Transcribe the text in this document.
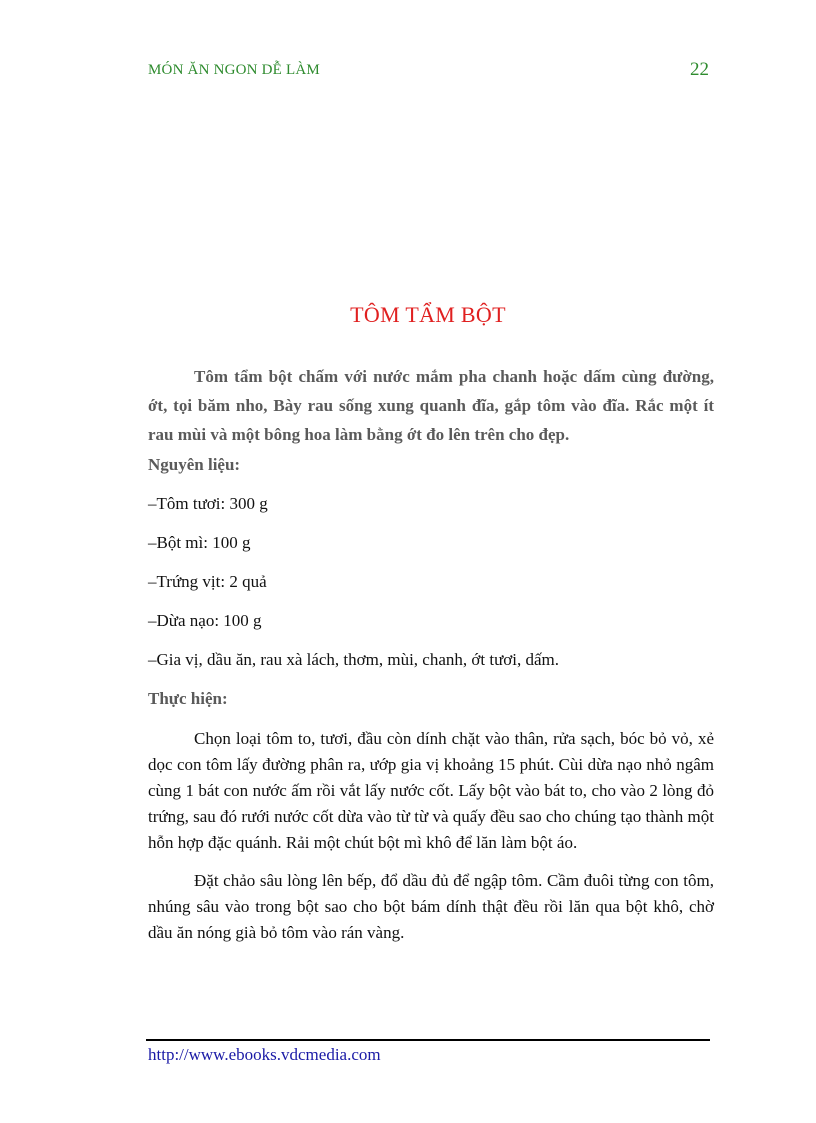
MÓN ĂN NGON DỄ LÀM	22
TÔM TẨM BỘT

Tôm tẩm bột chấm với nước mắm pha chanh hoặc dấm cùng đường, ớt, tọi băm nho, Bày rau sống xung quanh đĩa, gắp tôm vào đĩa. Rắc một ít rau mùi và một bông hoa làm bằng ớt đo lên trên cho đẹp.

Nguyên liệu:
–Tôm tươi: 300 g
–Bột mì: 100 g
–Trứng vịt: 2 quả
–Dừa nạo: 100 g
–Gia vị, dầu ăn, rau xà lách, thơm, mùi, chanh, ớt tươi, dấm.
Thực hiện:

Chọn loại tôm to, tươi, đầu còn dính chặt vào thân, rửa sạch, bóc bỏ vỏ, xẻ dọc con tôm lấy đường phân ra, ướp gia vị khoảng 15 phút. Cùi dừa nạo nhỏ ngâm cùng 1 bát con nước ấm rồi vắt lấy nước cốt. Lấy bột vào bát to, cho vào 2 lòng đỏ trứng, sau đó rưới nước cốt dừa vào từ từ và quấy đều sao cho chúng tạo thành một hỗn hợp đặc quánh. Rải một chút bột mì khô để lăn làm bột áo.

Đặt chảo sâu lòng lên bếp, đổ dầu đủ để ngập tôm. Cầm đuôi từng con tôm, nhúng sâu vào trong bột sao cho bột bám dính thật đều rồi lăn qua bột khô, chờ dầu ăn nóng già bỏ tôm vào rán vàng.

http://www.ebooks.vdcmedia.com
